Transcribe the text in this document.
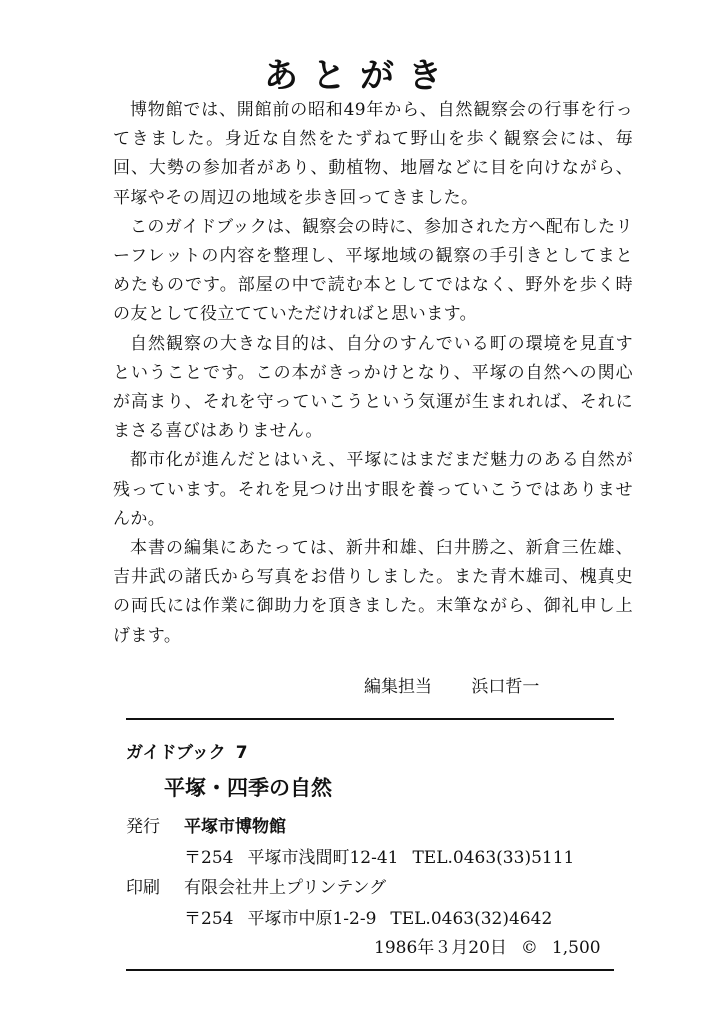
あとがき

博物館では、開館前の昭和49年から、自然観察会の行事を行ってきました。身近な自然をたずねて野山を歩く観察会には、毎回、大勢の参加者があり、動植物、地層などに目を向けながら、平塚やその周辺の地域を歩き回ってきました。

このガイドブックは、観察会の時に、参加された方へ配布したリーフレットの内容を整理し、平塚地域の観察の手引きとしてまとめたものです。部屋の中で読む本としてではなく、野外を歩く時の友として役立てていただければと思います。

自然観察の大きな目的は、自分のすんでいる町の環境を見直すということです。この本がきっかけとなり、平塚の自然への関心が高まり、それを守っていこうという気運が生まれれば、それにまさる喜びはありません。

都市化が進んだとはいえ、平塚にはまだまだ魅力のある自然が残っています。それを見つけ出す眼を養っていこうではありませんか。

本書の編集にあたっては、新井和雄、臼井勝之、新倉三佐雄、吉井武の諸氏から写真をお借りしました。また青木雄司、槐真史の両氏には作業に御助力を頂きました。末筆ながら、御礼申し上げます。

編集担当 浜口哲一
ガイドブック 7
平塚・四季の自然
発行 平塚市博物館
〒254 平塚市浅間町12-41 TEL.0463(33)5111
印刷 有限会社井上プリンテング
〒254 平塚市中原1-2-9 TEL.0463(32)4642
1986年３月20日 © 1,500
